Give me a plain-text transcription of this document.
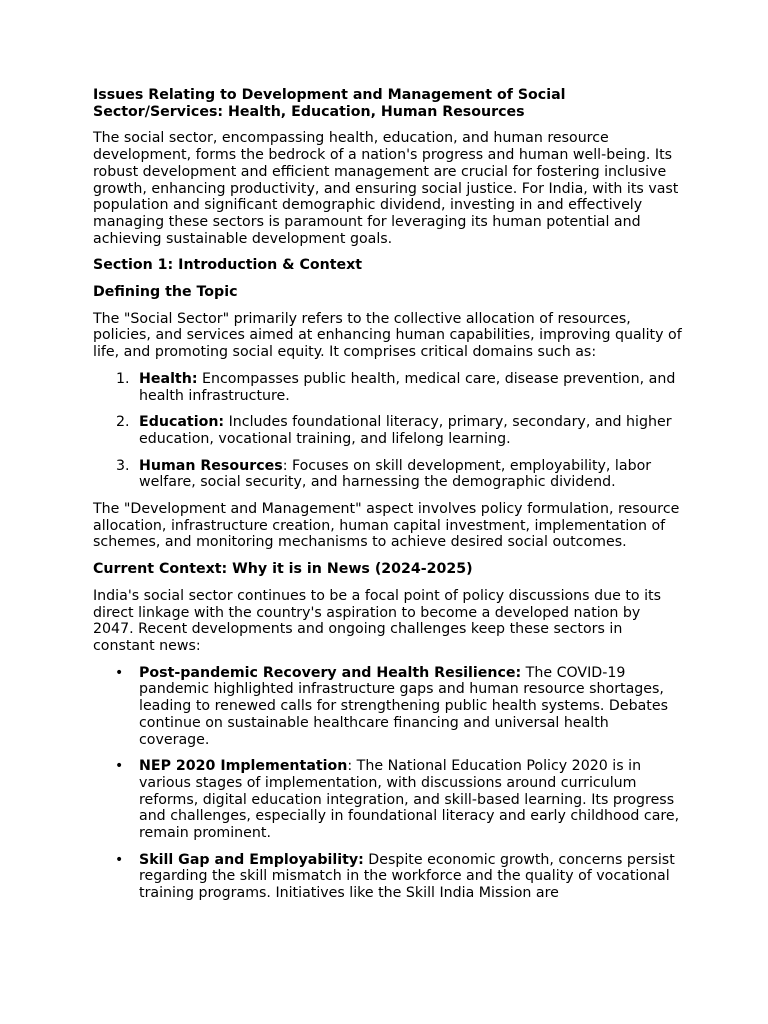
Issues Relating to Development and Management of Social Sector/Services: Health, Education, Human Resources

The social sector, encompassing health, education, and human resource development, forms the bedrock of a nation's progress and human well-being. Its robust development and efficient management are crucial for fostering inclusive growth, enhancing productivity, and ensuring social justice. For India, with its vast population and significant demographic dividend, investing in and effectively managing these sectors is paramount for leveraging its human potential and achieving sustainable development goals.

Section 1: Introduction & Context
Defining the Topic

The "Social Sector" primarily refers to the collective allocation of resources, policies, and services aimed at enhancing human capabilities, improving quality of life, and promoting social equity. It comprises critical domains such as:

1. Health: Encompasses public health, medical care, disease prevention, and health infrastructure.
2. Education: Includes foundational literacy, primary, secondary, and higher education, vocational training, and lifelong learning.
3. Human Resources: Focuses on skill development, employability, labor welfare, social security, and harnessing the demographic dividend.

The "Development and Management" aspect involves policy formulation, resource allocation, infrastructure creation, human capital investment, implementation of schemes, and monitoring mechanisms to achieve desired social outcomes.

Current Context: Why it is in News (2024-2025)

India's social sector continues to be a focal point of policy discussions due to its direct linkage with the country's aspiration to become a developed nation by 2047. Recent developments and ongoing challenges keep these sectors in constant news:

• Post-pandemic Recovery and Health Resilience: The COVID-19 pandemic highlighted infrastructure gaps and human resource shortages, leading to renewed calls for strengthening public health systems. Debates continue on sustainable healthcare financing and universal health coverage.
• NEP 2020 Implementation: The National Education Policy 2020 is in various stages of implementation, with discussions around curriculum reforms, digital education integration, and skill-based learning. Its progress and challenges, especially in foundational literacy and early childhood care, remain prominent.
• Skill Gap and Employability: Despite economic growth, concerns persist regarding the skill mismatch in the workforce and the quality of vocational training programs. Initiatives like the Skill India Mission are
